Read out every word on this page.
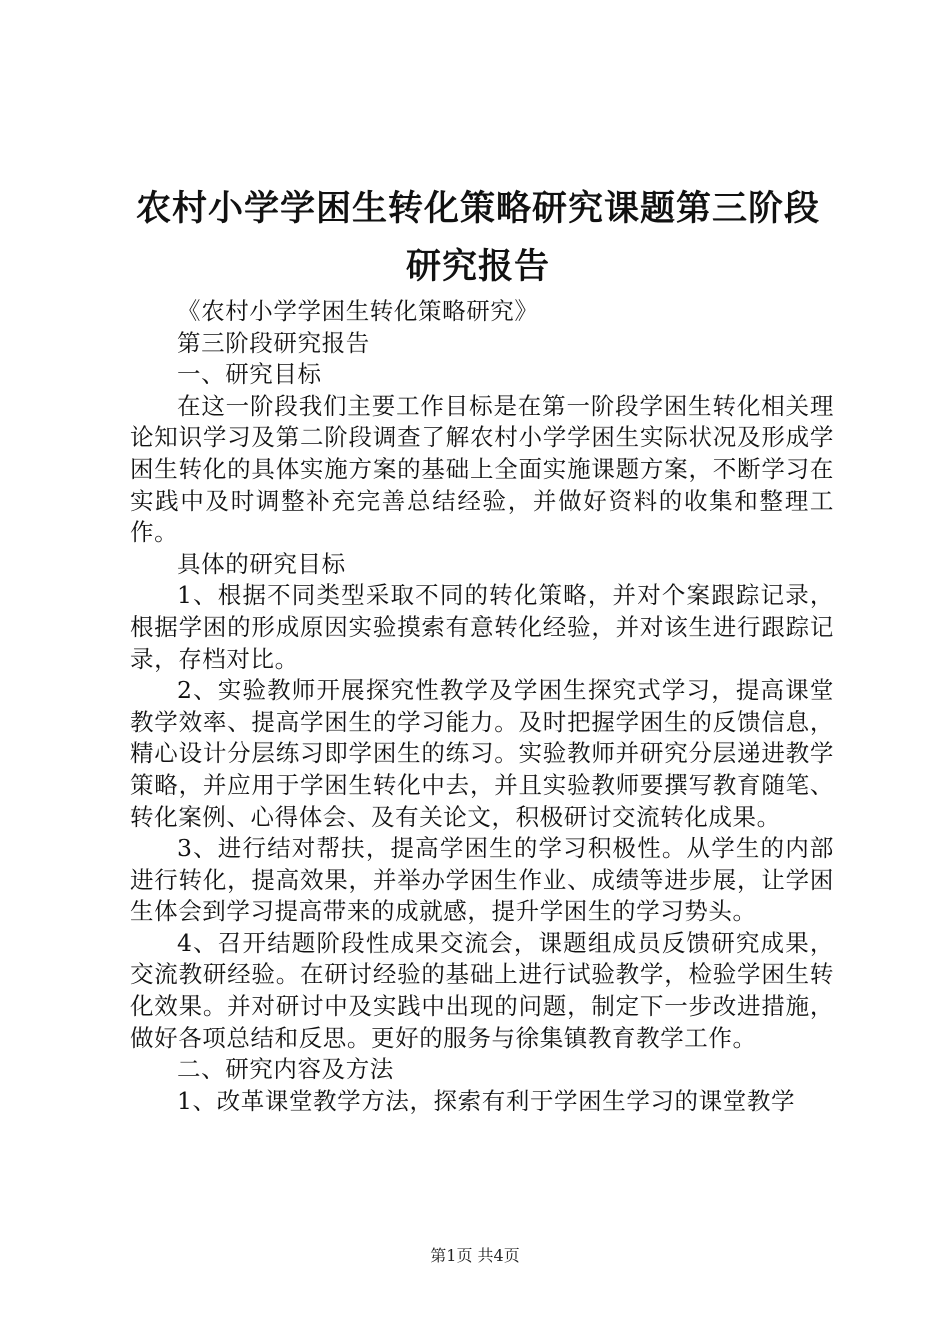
农村小学学困生转化策略研究课题第三阶段研究报告

《农村小学学困生转化策略研究》

第三阶段研究报告

一、研究目标

在这一阶段我们主要工作目标是在第一阶段学困生转化相关理论知识学习及第二阶段调查了解农村小学学困生实际状况及形成学困生转化的具体实施方案的基础上全面实施课题方案，不断学习在实践中及时调整补充完善总结经验，并做好资料的收集和整理工作。

具体的研究目标

1、根据不同类型采取不同的转化策略，并对个案跟踪记录，根据学困的形成原因实验摸索有意转化经验，并对该生进行跟踪记录，存档对比。

2、实验教师开展探究性教学及学困生探究式学习，提高课堂教学效率、提高学困生的学习能力。及时把握学困生的反馈信息，精心设计分层练习即学困生的练习。实验教师并研究分层递进教学策略，并应用于学困生转化中去，并且实验教师要撰写教育随笔、转化案例、心得体会、及有关论文，积极研讨交流转化成果。

3、进行结对帮扶，提高学困生的学习积极性。从学生的内部进行转化，提高效果，并举办学困生作业、成绩等进步展，让学困生体会到学习提高带来的成就感，提升学困生的学习势头。

4、召开结题阶段性成果交流会，课题组成员反馈研究成果，交流教研经验。在研讨经验的基础上进行试验教学，检验学困生转化效果。并对研讨中及实践中出现的问题，制定下一步改进措施，做好各项总结和反思。更好的服务与徐集镇教育教学工作。

二、研究内容及方法

1、改革课堂教学方法，探索有利于学困生学习的课堂教学

第1页 共4页
